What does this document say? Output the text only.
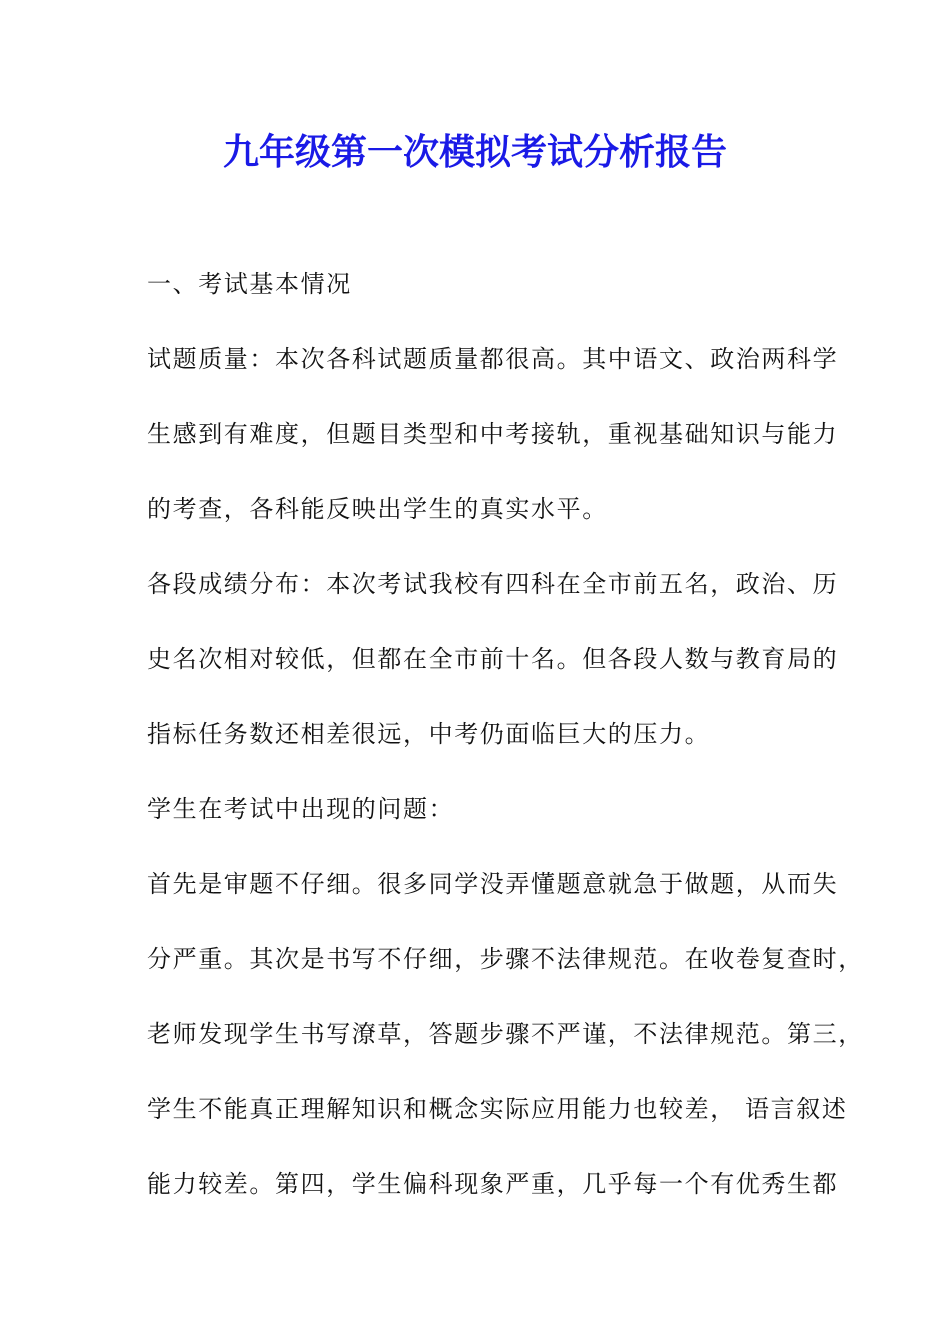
九年级第一次模拟考试分析报告
一、考试基本情况
试题质量：本次各科试题质量都很高。其中语文、政治两科学
生感到有难度，但题目类型和中考接轨，重视基础知识与能力
的考查，各科能反映出学生的真实水平。
各段成绩分布：本次考试我校有四科在全市前五名，政治、历
史名次相对较低，但都在全市前十名。但各段人数与教育局的
指标任务数还相差很远，中考仍面临巨大的压力。
学生在考试中出现的问题：
首先是审题不仔细。很多同学没弄懂题意就急于做题，从而失
分严重。其次是书写不仔细，步骤不法律规范。在收卷复查时，
老师发现学生书写潦草，答题步骤不严谨，不法律规范。第三，
学生不能真正理解知识和概念实际应用能力也较差， 语言叙述
能力较差。第四，学生偏科现象严重，几乎每一个有优秀生都
